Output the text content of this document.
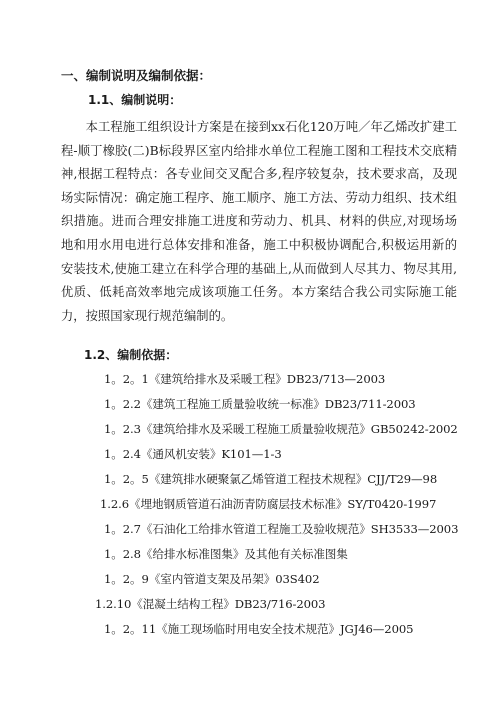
一、编制说明及编制依据：
1.1、编制说明：

本工程施工组织设计方案是在接到xx石化120万吨／年乙烯改扩建工程-顺丁橡胶(二)B标段界区室内给排水单位工程施工图和工程技术交底精神,根据工程特点：各专业间交叉配合多,程序较复杂，技术要求高，及现场实际情况：确定施工程序、施工顺序、施工方法、劳动力组织、技术组织措施。进而合理安排施工进度和劳动力、机具、材料的供应,对现场场地和用水用电进行总体安排和准备，施工中积极协调配合,积极运用新的安装技术,使施工建立在科学合理的基础上,从而做到人尽其力、物尽其用,优质、低耗高效率地完成该项施工任务。本方案结合我公司实际施工能力，按照国家现行规范编制的。

1.2、编制依据：
1。2。1《建筑给排水及采暖工程》DB23/713—2003
1。2.2《建筑工程施工质量验收统一标准》DB23/711-2003
1。2.3《建筑给排水及采暖工程施工质量验收规范》GB50242-2002
1。2.4《通风机安装》K101—1-3
1。2。5《建筑排水硬聚氯乙烯管道工程技术规程》CJJ/T29—98
1.2.6《埋地钢质管道石油沥青防腐层技术标准》SY/T0420-1997
1。2.7《石油化工给排水管道工程施工及验收规范》SH3533—2003
1。2.8《给排水标准图集》及其他有关标准图集
1。2。9《室内管道支架及吊架》03S402
1.2.10《混凝土结构工程》DB23/716-2003
1。2。11《施工现场临时用电安全技术规范》JGJ46—2005
